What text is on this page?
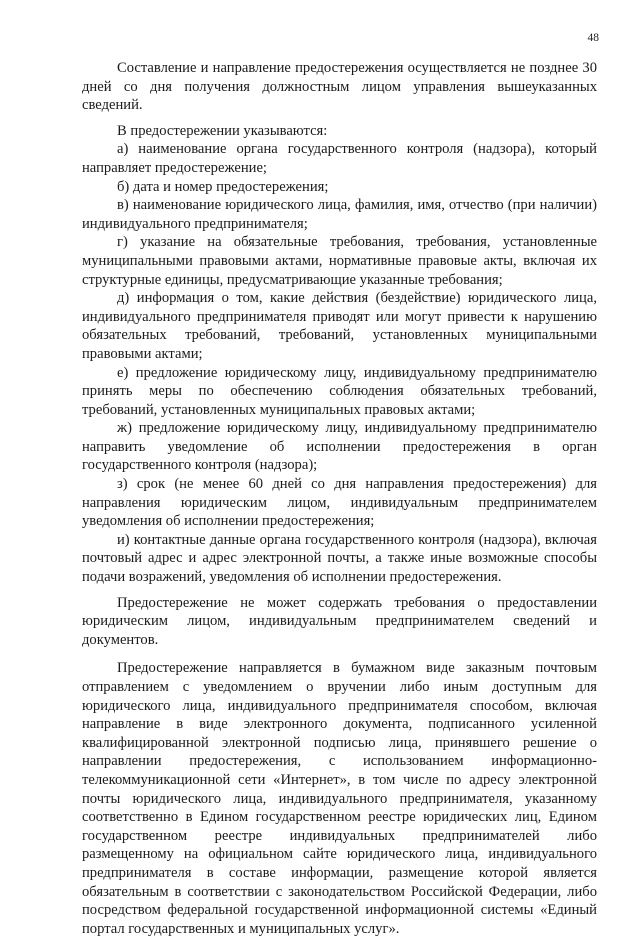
48

Составление и направление предостережения осуществляется не позднее 30 дней со дня получения должностным лицом управления вышеуказанных сведений.

В предостережении указываются:

а) наименование органа государственного контроля (надзора), который направляет предостережение;

б) дата и номер предостережения;

в) наименование юридического лица, фамилия, имя, отчество (при наличии) индивидуального предпринимателя;

г) указание на обязательные требования, требования, установленные муниципальными правовыми актами, нормативные правовые акты, включая их структурные единицы, предусматривающие указанные требования;

д) информация о том, какие действия (бездействие) юридического лица, индивидуального предпринимателя приводят или могут привести к нарушению обязательных требований, требований, установленных муниципальными правовыми актами;

е) предложение юридическому лицу, индивидуальному предпринимателю принять меры по обеспечению соблюдения обязательных требований, требований, установленных муниципальных правовых актами;

ж) предложение юридическому лицу, индивидуальному предпринимателю направить уведомление об исполнении предостережения в орган государственного контроля (надзора);

з) срок (не менее 60 дней со дня направления предостережения) для направления юридическим лицом, индивидуальным предпринимателем уведомления об исполнении предостережения;

и) контактные данные органа государственного контроля (надзора), включая почтовый адрес и адрес электронной почты, а также иные возможные способы подачи возражений, уведомления об исполнении предостережения.

Предостережение не может содержать требования о предоставлении юридическим лицом, индивидуальным предпринимателем сведений и документов.

Предостережение направляется в бумажном виде заказным почтовым отправлением с уведомлением о вручении либо иным доступным для юридического лица, индивидуального предпринимателя способом, включая направление в виде электронного документа, подписанного усиленной квалифицированной электронной подписью лица, принявшего решение о направлении предостережения, с использованием информационно-телекоммуникационной сети «Интернет», в том числе по адресу электронной почты юридического лица, индивидуального предпринимателя, указанному соответственно в Едином государственном реестре юридических лиц, Едином государственном реестре индивидуальных предпринимателей либо размещенному на официальном сайте юридического лица, индивидуального предпринимателя в составе информации, размещение которой является обязательным в соответствии с законодательством Российской Федерации, либо посредством федеральной государственной информационной системы «Единый портал государственных и муниципальных услуг».
